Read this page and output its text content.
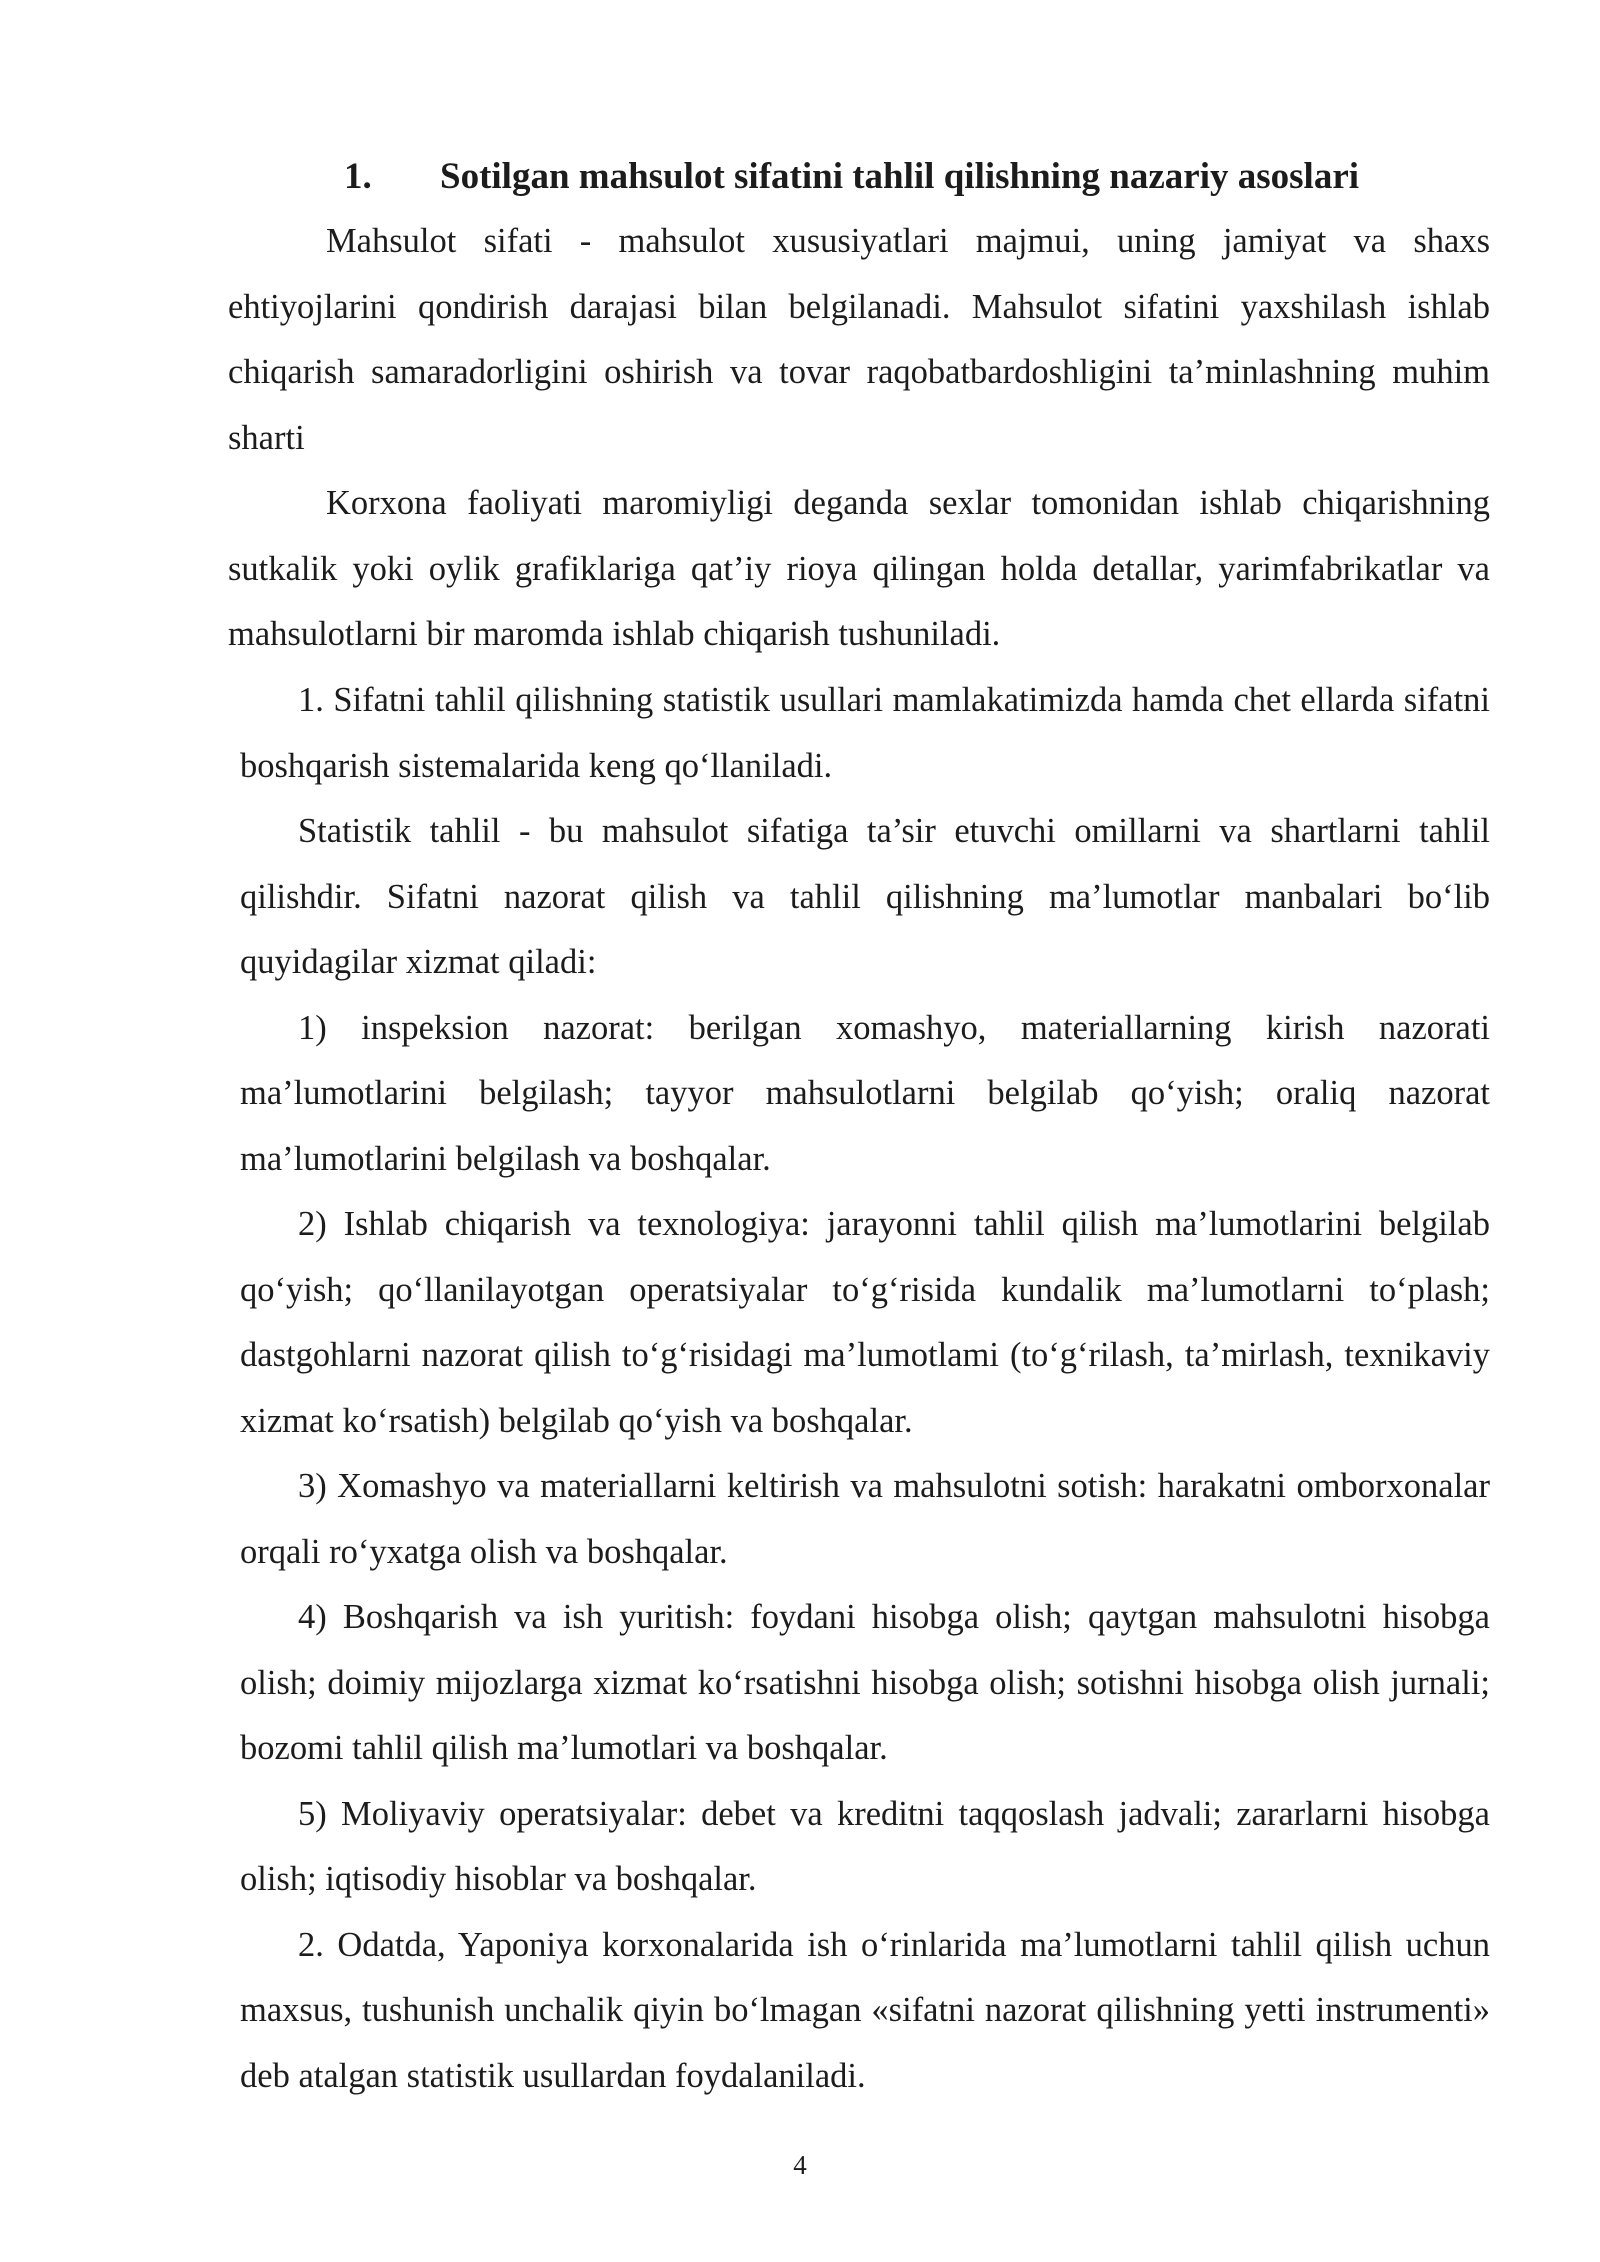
1. Sotilgan mahsulot sifatini tahlil qilishning nazariy asoslari

Mahsulot sifati - mahsulot xususiyatlari majmui, uning jamiyat va shaxs ehtiyojlarini qondirish darajasi bilan belgilanadi. Mahsulot sifatini yaxshilash ishlab chiqarish samaradorligini oshirish va tovar raqobatbardoshligini ta’minlashning muhim sharti

Korxona faoliyati maromiyligi deganda sexlar tomonidan ishlab chiqarishning sutkalik yoki oylik grafiklariga qat’iy rioya qilingan holda detallar, yarimfabrikatlar va mahsulotlarni bir maromda ishlab chiqarish tushuniladi.

1. Sifatni tahlil qilishning statistik usullari mamlakatimizda hamda chet ellarda sifatni boshqarish sistemalarida keng qo‘llaniladi.

Statistik tahlil - bu mahsulot sifatiga ta’sir etuvchi omillarni va shartlarni tahlil qilishdir. Sifatni nazorat qilish va tahlil qilishning ma’lumotlar manbalari bo‘lib quyidagilar xizmat qiladi:

1) inspeksion nazorat: berilgan xomashyo, materiallarning kirish nazorati ma’lumotlarini belgilash; tayyor mahsulotlarni belgilab qo‘yish; oraliq nazorat ma’lumotlarini belgilash va boshqalar.

2) Ishlab chiqarish va texnologiya: jarayonni tahlil qilish ma’lumotlarini belgilab qo‘yish; qo‘llanilayotgan operatsiyalar to‘g‘risida kundalik ma’lumotlarni to‘plash; dastgohlarni nazorat qilish to‘g‘risidagi ma’lumotlami (to‘g‘rilash, ta’mirlash, texnikaviy xizmat ko‘rsatish) belgilab qo‘yish va boshqalar.

3) Xomashyo va materiallarni keltirish va mahsulotni sotish: harakatni omborxonalar orqali ro‘yxatga olish va boshqalar.

4) Boshqarish va ish yuritish: foydani hisobga olish; qaytgan mahsulotni hisobga olish; doimiy mijozlarga xizmat ko‘rsatishni hisobga olish; sotishni hisobga olish jurnali; bozomi tahlil qilish ma’lumotlari va boshqalar.

5) Moliyaviy operatsiyalar: debet va kreditni taqqoslash jadvali; zararlarni hisobga olish; iqtisodiy hisoblar va boshqalar.

2. Odatda, Yaponiya korxonalarida ish o‘rinlarida ma’lumotlarni tahlil qilish uchun maxsus, tushunish unchalik qiyin bo‘lmagan «sifatni nazorat qilishning yetti instrumenti» deb atalgan statistik usullardan foydalaniladi.

4
